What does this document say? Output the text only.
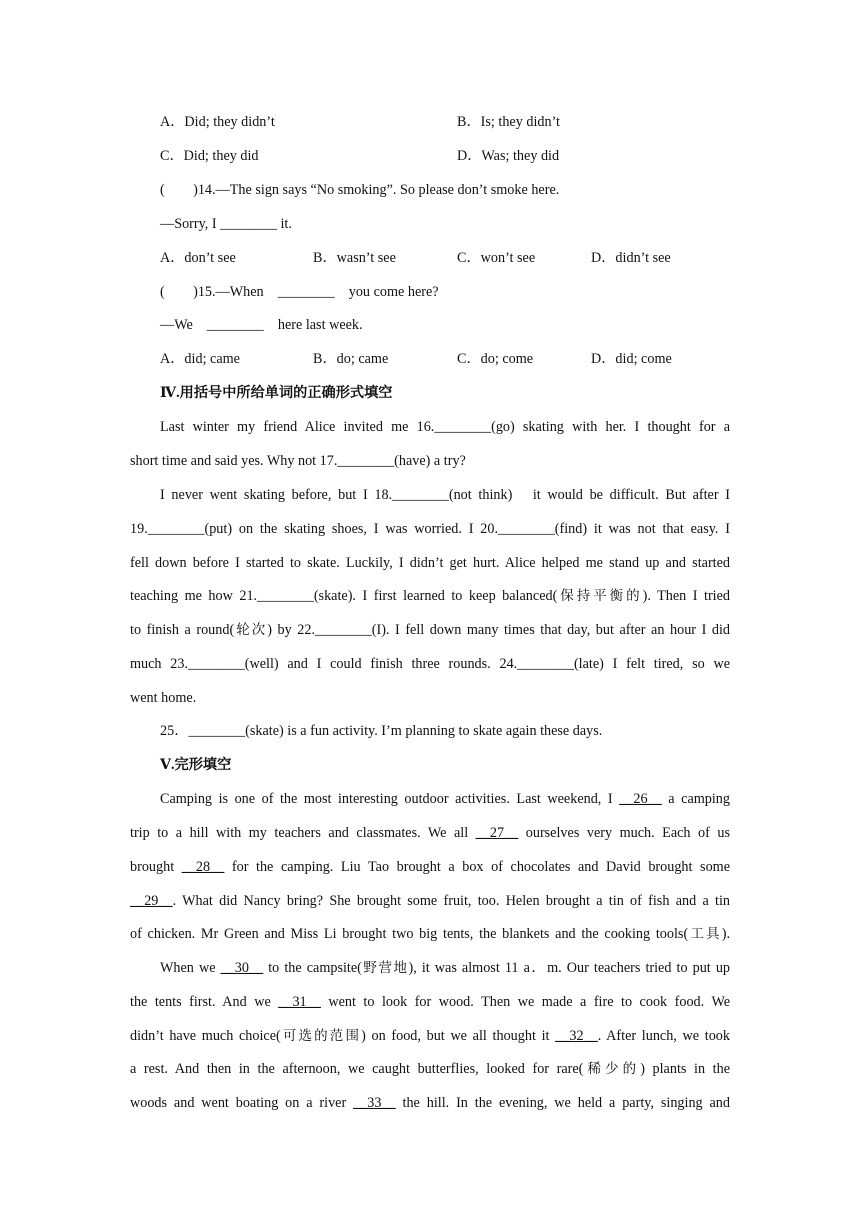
A．Did; they didn’t	B．Is; they didn’t
C．Did; they did	D．Was; they did
(　　)14.—The sign says “No smoking”. So please don’t smoke here.
—Sorry, I ________ it.
A．don’t see	B．wasn’t see	C．won’t see	D．didn’t see
(　　)15.—When　________　you come here?
—We　________　here last week.
A．did; came	B．do; came	C．do; come	D．did; come
Ⅳ.用括号中所给单词的正确形式填空
Last winter my friend Alice invited me 16.________(go) skating with her. I thought for a
short time and said yes. Why not 17.________(have) a try?
I never went skating before, but I 18.________(not think)　it would be difficult. But after I
19.________(put) on the skating shoes, I was worried. I 20.________(find) it was not that easy. I
fell down before I started to skate. Luckily, I didn’t get hurt. Alice helped me stand up and started
teaching me how 21.________(skate). I first learned to keep balanced(保持平衡的). Then I tried
to finish a round(轮次) by 22.________(I). I fell down many times that day, but after an hour I did
much 23.________(well) and I could finish three rounds. 24.________(late) I felt tired, so we
went home.
25．________(skate) is a fun activity. I’m planning to skate again these days.
Ⅴ.完形填空
Camping is one of the most interesting outdoor activities. Last weekend, I __26__ a camping
trip to a hill with my teachers and classmates. We all __27__ ourselves very much. Each of us
brought __28__ for the camping. Liu Tao brought a box of chocolates and David brought some
__29__. What did Nancy bring? She brought some fruit, too. Helen brought a tin of fish and a tin
of chicken. Mr Green and Miss Li brought two big tents, the blankets and the cooking tools(工具).
When we __30__ to the campsite(野营地), it was almost 11 a．m. Our teachers tried to put up
the tents first. And we __31__ went to look for wood. Then we made a fire to cook food. We
didn’t have much choice(可选的范围) on food, but we all thought it __32__. After lunch, we took
a rest. And then in the afternoon, we caught butterflies, looked for rare(稀少的) plants in the
woods and went boating on a river __33__ the hill. In the evening, we held a party, singing and
